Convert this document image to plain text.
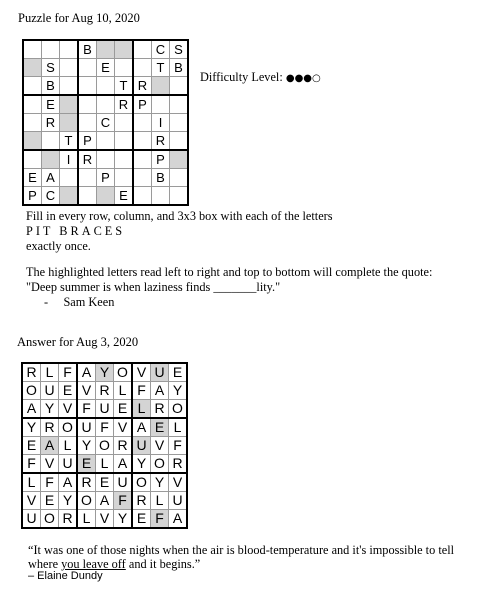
Puzzle for Aug 10, 2020
			B				C	S
	S			E			T	B
	B				T	R		
	E				R	P		
	R			C			I	
		T	P				R	
		I	R				P	
E	A			P			B	
P	C				E			
Difficulty Level: ●●●○
Fill in every row, column, and 3x3 box with each of the letters
PIT BRACES
exactly once.
The highlighted letters read left to right and top to bottom will complete the quote:
"Deep summer is when laziness finds _______lity."
-     Sam Keen
Answer for Aug 3, 2020
R	L	F	A	Y	O	V	U	E
O	U	E	V	R	L	F	A	Y
A	Y	V	F	U	E	L	R	O
Y	R	O	U	F	V	A	E	L
E	A	L	Y	O	R	U	V	F
F	V	U	E	L	A	Y	O	R
L	F	A	R	E	U	O	Y	V
V	E	Y	O	A	F	R	L	U
U	O	R	L	V	Y	E	F	A
“It was one of those nights when the air is blood-temperature and it's impossible to tell
where you leave off and it begins.”
– Elaine Dundy
